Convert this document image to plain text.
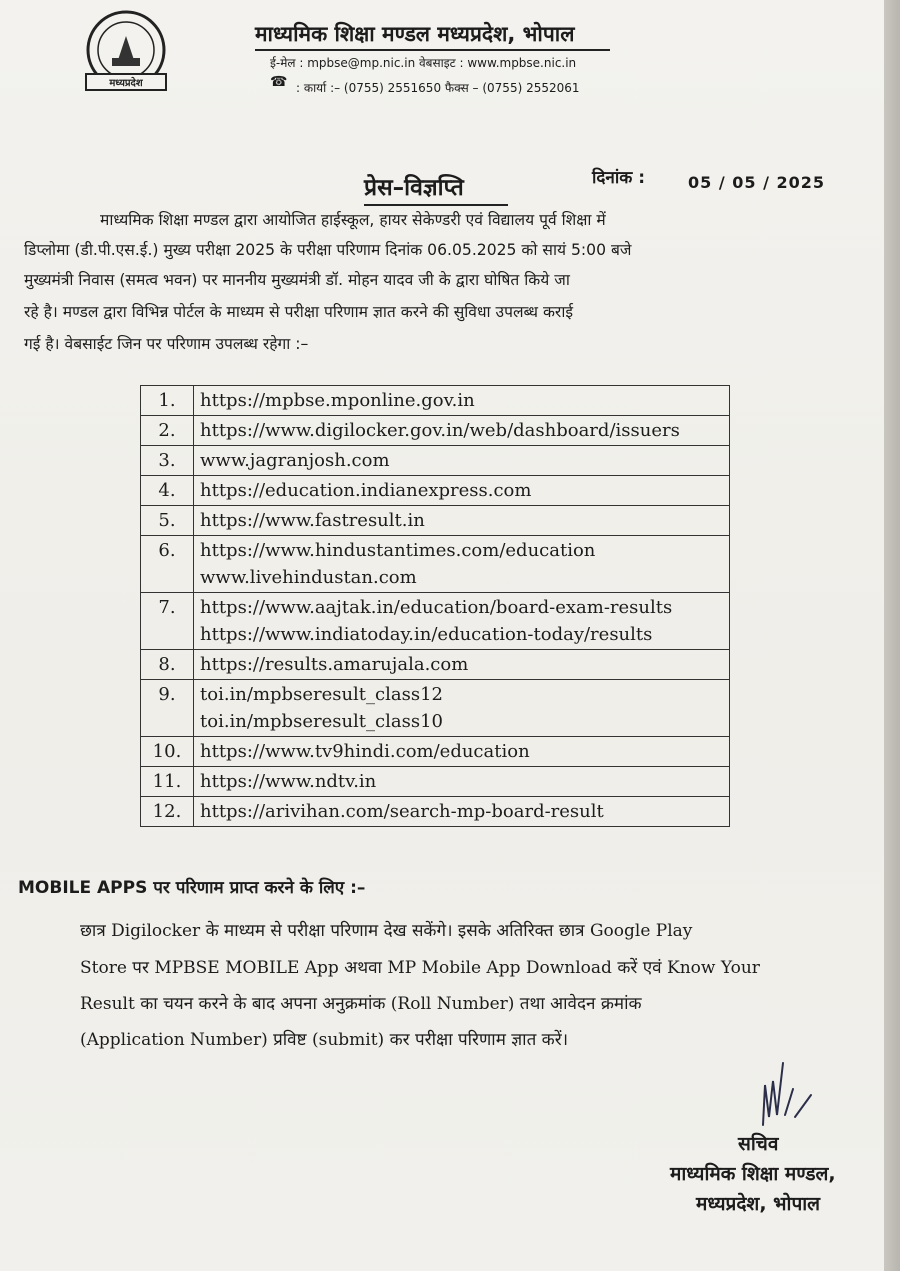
मध्यप्रदेश
माध्यमिक शिक्षा मण्डल मध्यप्रदेश, भोपाल
ई-मेल : mpbse@mp.nic.in वेबसाइट : www.mpbse.nic.in
☎ : कार्या :– (0755) 2551650 फैक्स – (0755) 2552061
प्रेस–विज्ञप्ति	दिनांक :	05 / 05 / 2025
माध्यमिक शिक्षा मण्डल द्वारा आयोजित हाईस्कूल, हायर सेकेण्डरी एवं विद्यालय पूर्व शिक्षा में
डिप्लोमा (डी.पी.एस.ई.) मुख्य परीक्षा 2025 के परीक्षा परिणाम दिनांक 06.05.2025 को सायं 5:00 बजे
मुख्यमंत्री निवास (समत्व भवन) पर माननीय मुख्यमंत्री डॉ. मोहन यादव जी के द्वारा घोषित किये जा
रहे है। मण्डल द्वारा विभिन्न पोर्टल के माध्यम से परीक्षा परिणाम ज्ञात करने की सुविधा उपलब्ध कराई
गई है। वेबसाईट जिन पर परिणाम उपलब्ध रहेगा :–
1.	https://mpbse.mponline.gov.in

2.	https://www.digilocker.gov.in/web/dashboard/issuers

3.	www.jagranjosh.com

4.	https://education.indianexpress.com

5.	https://www.fastresult.in

6.	https://www.hindustantimes.com/education
www.livehindustan.com

7.	https://www.aajtak.in/education/board-exam-results
https://www.indiatoday.in/education-today/results

8.	https://results.amarujala.com

9.	toi.in/mpbseresult_class12
toi.in/mpbseresult_class10

10.	https://www.tv9hindi.com/education

11.	https://www.ndtv.in

12.	https://arivihan.com/search-mp-board-result
MOBILE APPS पर परिणाम प्राप्त करने के लिए :–
छात्र Digilocker के माध्यम से परीक्षा परिणाम देख सकेंगे। इसके अतिरिक्त छात्र Google Play
Store पर MPBSE MOBILE App अथवा MP Mobile App Download करें एवं Know Your
Result का चयन करने के बाद अपना अनुक्रमांक (Roll Number) तथा आवेदन क्रमांक
(Application Number) प्रविष्ट (submit) कर परीक्षा परिणाम ज्ञात करें।
सचिव
माध्यमिक शिक्षा मण्डल,
मध्यप्रदेश, भोपाल
